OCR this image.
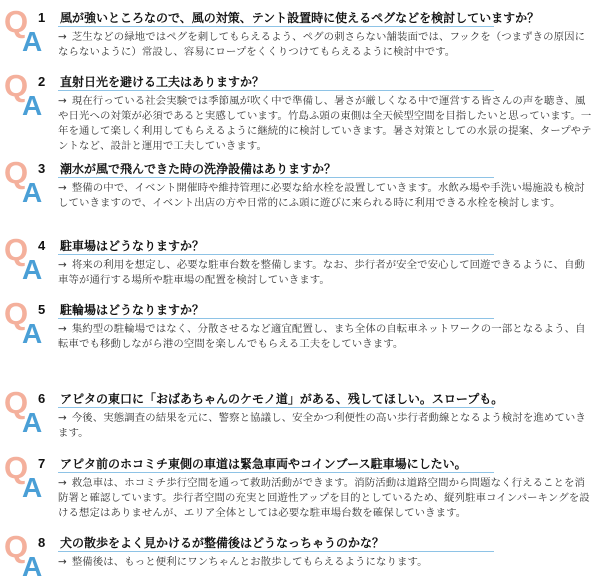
Q
A
1 風が強いところなので、風の対策、テント設置時に使えるペグなどを検討していますか？
→ 芝生などの緑地ではペグを刺してもらえるよう、ペグの刺さらない舗装面では、フックを（つまずきの原因にならないように）常設し、容易にロープをくくりつけてもらえるように検討中です。
Q
A
2 直射日光を避ける工夫はありますか？
→ 現在行っている社会実験では季節風が吹く中で準備し、暑さが厳しくなる中で運営する皆さんの声を聴き、風や日光への対策が必須であると実感しています。竹島ふ頭の東側は全天候型空間を目指したいと思っています。一年を通して楽しく利用してもらえるように継続的に検討していきます。暑さ対策としての水景の提案、タープやテントなど、設計と運用で工夫していきます。
Q
A
3 潮水が風で飛んできた時の洗浄設備はありますか？
→ 整備の中で、イベント開催時や維持管理に必要な給水栓を設置していきます。水飲み場や手洗い場施設も検討していきますので、イベント出店の方や日常的にふ頭に遊びに来られる時に利用できる水栓を検討します。
Q
A
4 駐車場はどうなりますか？
→ 将来の利用を想定し、必要な駐車台数を整備します。なお、歩行者が安全で安心して回遊できるように、自動車等が通行する場所や駐車場の配置を検討していきます。
Q
A
5 駐輪場はどうなりますか？
→ 集約型の駐輪場ではなく、分散させるなど適宜配置し、まち全体の自転車ネットワークの一部となるよう、自転車でも移動しながら港の空間を楽しんでもらえる工夫をしていきます。
Q
A
6 アピタの東口に「おばあちゃんのケモノ道」がある、残してほしい。スロープも。
→ 今後、実態調査の結果を元に、警察と協議し、安全かつ利便性の高い歩行者動線となるよう検討を進めていきます。
Q
A
7 アピタ前のホコミチ東側の車道は緊急車両やコインブース駐車場にしたい。
→ 救急車は、ホコミチ歩行空間を通って救助活動ができます。消防活動は道路空間から問題なく行えることを消防署と確認しています。歩行者空間の充実と回遊性アップを目的としているため、縦列駐車コインパーキングを設ける想定はありませんが、エリア全体としては必要な駐車場台数を確保していきます。
Q
A
8 犬の散歩をよく見かけるが整備後はどうなっちゃうのかな？
→ 整備後は、もっと便利にワンちゃんとお散歩してもらえるようになります。
